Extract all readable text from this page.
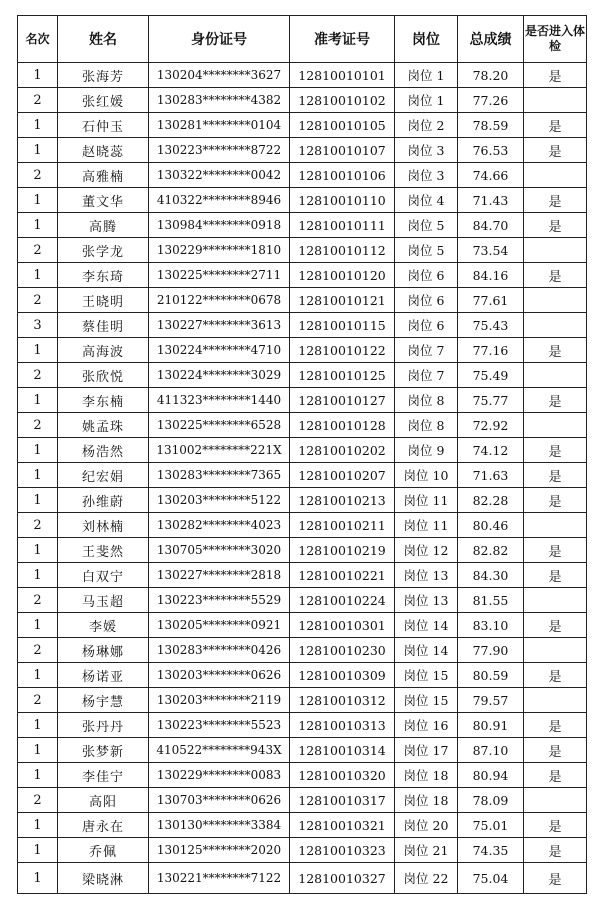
名次	姓名	身份证号	准考证号	岗位	总成绩	是否进入体检
1	张海芳	130204********3627	12810010101	岗位 1	78.20	是
2	张红媛	130283********4382	12810010102	岗位 1	77.26	
1	石仲玉	130281********0104	12810010105	岗位 2	78.59	是
1	赵晓蕊	130223********8722	12810010107	岗位 3	76.53	是
2	高雅楠	130322********0042	12810010106	岗位 3	74.66	
1	董文华	410322********8946	12810010110	岗位 4	71.43	是
1	高腾	130984********0918	12810010111	岗位 5	84.70	是
2	张学龙	130229********1810	12810010112	岗位 5	73.54	
1	李东琦	130225********2711	12810010120	岗位 6	84.16	是
2	王晓明	210122********0678	12810010121	岗位 6	77.61	
3	蔡佳明	130227********3613	12810010115	岗位 6	75.43	
1	高海波	130224********4710	12810010122	岗位 7	77.16	是
2	张欣悦	130224********3029	12810010125	岗位 7	75.49	
1	李东楠	411323********1440	12810010127	岗位 8	75.77	是
2	姚孟珠	130225********6528	12810010128	岗位 8	72.92	
1	杨浩然	131002********221X	12810010202	岗位 9	74.12	是
1	纪宏娟	130283********7365	12810010207	岗位 10	71.63	是
1	孙维蔚	130203********5122	12810010213	岗位 11	82.28	是
2	刘林楠	130282********4023	12810010211	岗位 11	80.46	
1	王斐然	130705********3020	12810010219	岗位 12	82.82	是
1	白双宁	130227********2818	12810010221	岗位 13	84.30	是
2	马玉超	130223********5529	12810010224	岗位 13	81.55	
1	李媛	130205********0921	12810010301	岗位 14	83.10	是
2	杨琳娜	130283********0426	12810010230	岗位 14	77.90	
1	杨诺亚	130203********0626	12810010309	岗位 15	80.59	是
2	杨宇慧	130203********2119	12810010312	岗位 15	79.57	
1	张丹丹	130223********5523	12810010313	岗位 16	80.91	是
1	张梦新	410522********943X	12810010314	岗位 17	87.10	是
1	李佳宁	130229********0083	12810010320	岗位 18	80.94	是
2	高阳	130703********0626	12810010317	岗位 18	78.09	
1	唐永在	130130********3384	12810010321	岗位 20	75.01	是
1	乔佩	130125********2020	12810010323	岗位 21	74.35	是
1	梁晓淋	130221********7122	12810010327	岗位 22	75.04	是
